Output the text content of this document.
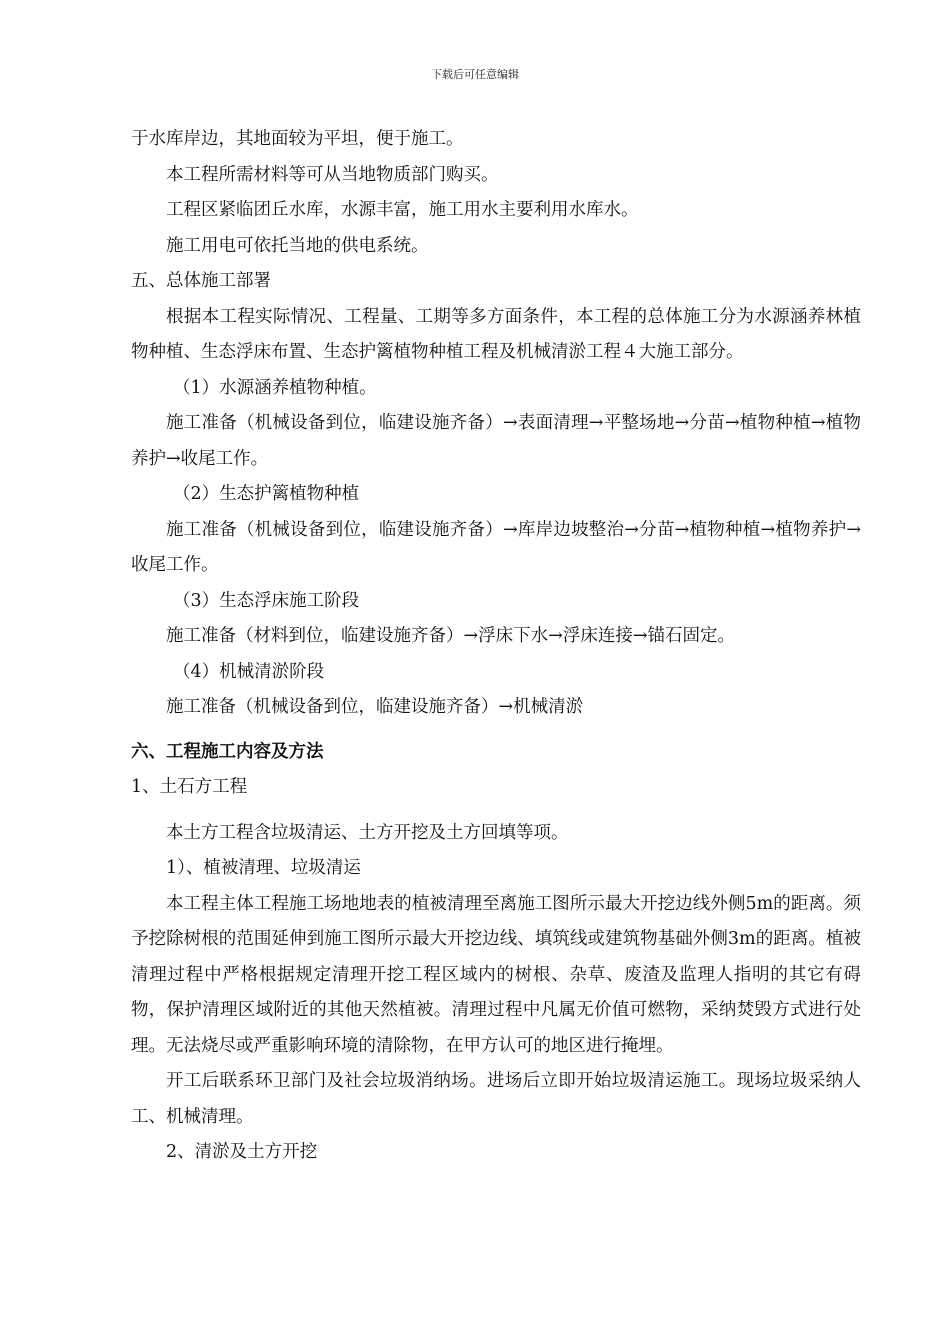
下载后可任意编辑

于水库岸边，其地面较为平坦，便于施工。

本工程所需材料等可从当地物质部门购买。

工程区紧临团丘水库，水源丰富，施工用水主要利用水库水。

施工用电可依托当地的供电系统。

五、总体施工部署

根据本工程实际情况、工程量、工期等多方面条件，本工程的总体施工分为水源涵养林植物种植、生态浮床布置、生态护篱植物种植工程及机械清淤工程４大施工部分。

（1）水源涵养植物种植。

施工准备（机械设备到位，临建设施齐备）→表面清理→平整场地→分苗→植物种植→植物养护→收尾工作。

（2）生态护篱植物种植

施工准备（机械设备到位，临建设施齐备）→库岸边坡整治→分苗→植物种植→植物养护→收尾工作。

（3）生态浮床施工阶段

施工准备（材料到位，临建设施齐备）→浮床下水→浮床连接→锚石固定。

（4）机械清淤阶段

施工准备（机械设备到位，临建设施齐备）→机械清淤

六、工程施工内容及方法

1、土石方工程

本土方工程含垃圾清运、土方开挖及土方回填等项。

1）、植被清理、垃圾清运

本工程主体工程施工场地地表的植被清理至离施工图所示最大开挖边线外侧5m的距离。须予挖除树根的范围延伸到施工图所示最大开挖边线、填筑线或建筑物基础外侧3m的距离。植被清理过程中严格根据规定清理开挖工程区域内的树根、杂草、废渣及监理人指明的其它有碍物，保护清理区域附近的其他天然植被。清理过程中凡属无价值可燃物，采纳焚毁方式进行处理。无法烧尽或严重影响环境的清除物，在甲方认可的地区进行掩埋。

开工后联系环卫部门及社会垃圾消纳场。进场后立即开始垃圾清运施工。现场垃圾采纳人工、机械清理。

2、清淤及土方开挖
